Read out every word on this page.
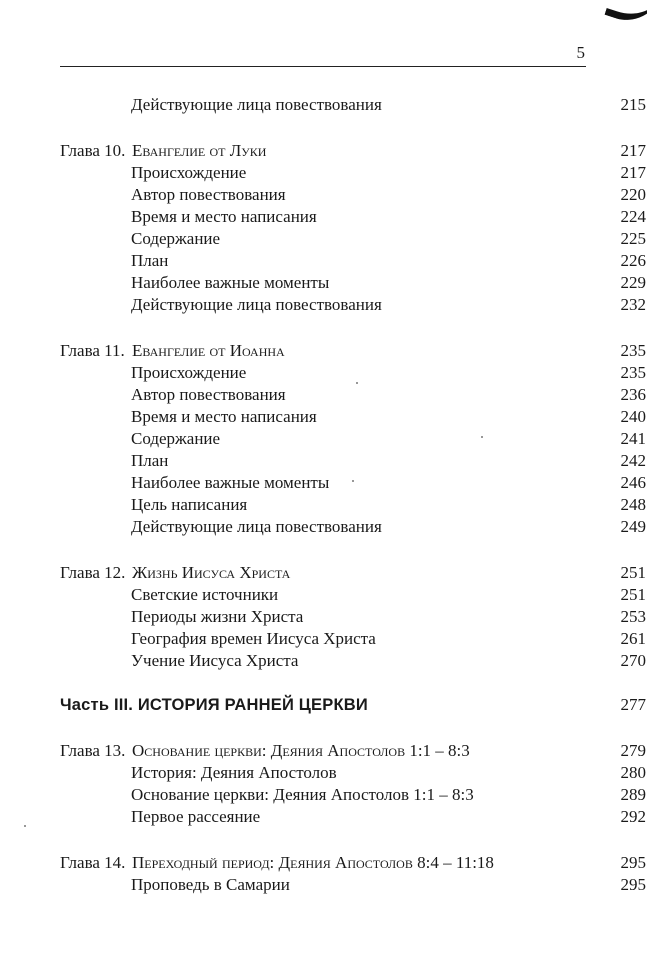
5
Действующие лица повествования	215
Глава 10. Евангелие от Луки	217
Происхождение	217
Автор повествования	220
Время и место написания	224
Содержание	225
План	226
Наиболее важные моменты	229
Действующие лица повествования	232
Глава 11. Евангелие от Иоанна	235
Происхождение	235
Автор повествования	236
Время и место написания	240
Содержание	241
План	242
Наиболее важные моменты	246
Цель написания	248
Действующие лица повествования	249
Глава 12. Жизнь Иисуса Христа	251
Светские источники	251
Периоды жизни Христа	253
География времен Иисуса Христа	261
Учение Иисуса Христа	270
Часть III. ИСТОРИЯ РАННЕЙ ЦЕРКВИ	277
Глава 13. Основание церкви: Деяния Апостолов 1:1 – 8:3	279
История: Деяния Апостолов	280
Основание церкви: Деяния Апостолов 1:1 – 8:3	289
Первое рассеяние	292
Глава 14. Переходный период: Деяния Апостолов 8:4 – 11:18	295
Проповедь в Самарии	295
